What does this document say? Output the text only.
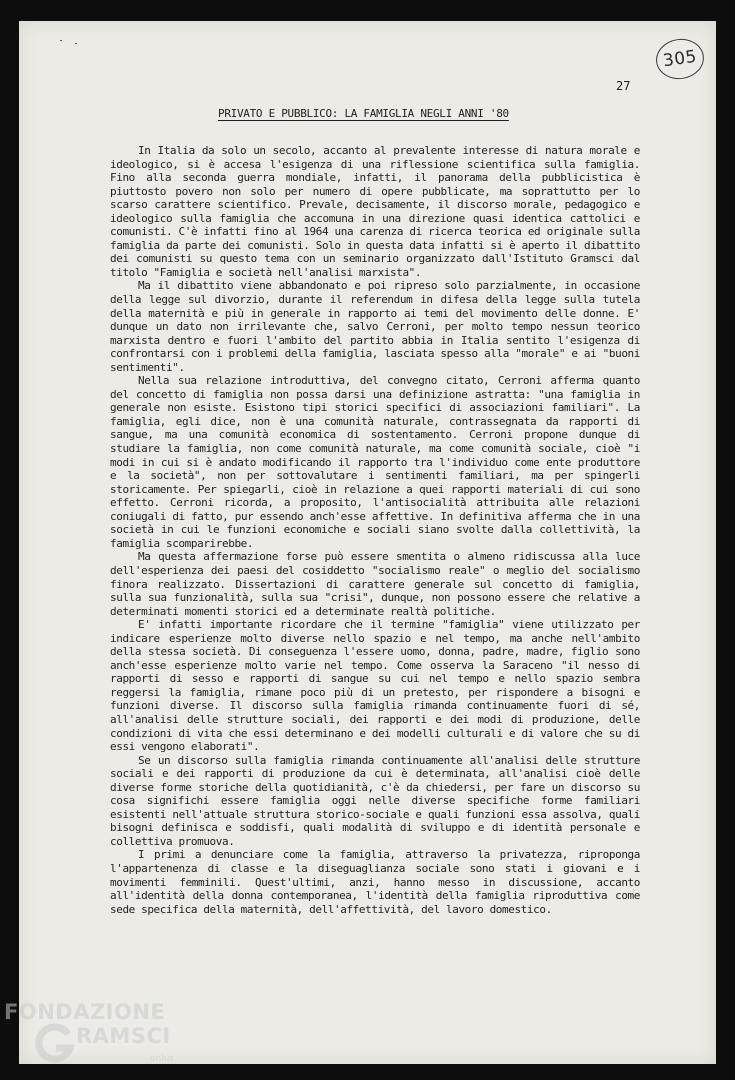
305
27
PRIVATO E PUBBLICO: LA FAMIGLIA NEGLI ANNI '80

In Italia da solo un secolo, accanto al prevalente interesse di natura morale e ideologico, si è accesa l'esigenza di una riflessione scientifica sulla famiglia. Fino alla seconda guerra mondiale, infatti, il panorama della pubblicistica è piuttosto povero non solo per numero di opere pubblicate, ma soprattutto per lo scarso carattere scientifico. Prevale, decisamente, il discorso morale, pedagogico e ideologico sulla famiglia che accomuna in una direzione quasi identica cattolici e comunisti. C'è infatti fino al 1964 una carenza di ricerca teorica ed originale sulla famiglia da parte dei comunisti. Solo in questa data infatti si è aperto il dibattito dei comunisti su questo tema con un seminario organizzato dall'Istituto Gramsci dal titolo "Famiglia e società nell'analisi marxista".

Ma il dibattito viene abbandonato e poi ripreso solo parzialmente, in occasione della legge sul divorzio, durante il referendum in difesa della legge sulla tutela della maternità e più in generale in rapporto ai temi del movimento delle donne. E' dunque un dato non irrilevante che, salvo Cerroni, per molto tempo nessun teorico marxista dentro e fuori l'ambito del partito abbia in Italia sentito l'esigenza di confrontarsi con i problemi della famiglia, lasciata spesso alla "morale" e ai "buoni sentimenti".

Nella sua relazione introduttiva, del convegno citato, Cerroni afferma quanto del concetto di famiglia non possa darsi una definizione astratta: "una famiglia in generale non esiste. Esistono tipi storici specifici di associazioni familiari". La famiglia, egli dice, non è una comunità naturale, contrassegnata da rapporti di sangue, ma una comunità economica di sostentamento. Cerroni propone dunque di studiare la famiglia, non come comunità naturale, ma come comunità sociale, cioè "i modi in cui si è andato modificando il rapporto tra l'individuo come ente produttore e la società", non per sottovalutare i sentimenti familiari, ma per spingerli storicamente. Per spiegarli, cioè in relazione a quei rapporti materiali di cui sono effetto. Cerroni ricorda, a proposito, l'antisocialità attribuita alle relazioni coniugali di fatto, pur essendo anch'esse affettive. In definitiva afferma che in una società in cui le funzioni economiche e sociali siano svolte dalla collettività, la famiglia scomparirebbe.

Ma questa affermazione forse può essere smentita o almeno ridiscussa alla luce dell'esperienza dei paesi del cosiddetto "socialismo reale" o meglio del socialismo finora realizzato. Dissertazioni di carattere generale sul concetto di famiglia, sulla sua funzionalità, sulla sua "crisi", dunque, non possono essere che relative a determinati momenti storici ed a determinate realtà politiche.

E' infatti importante ricordare che il termine "famiglia" viene utilizzato per indicare esperienze molto diverse nello spazio e nel tempo, ma anche nell'ambito della stessa società. Di conseguenza l'essere uomo, donna, padre, madre, figlio sono anch'esse esperienze molto varie nel tempo. Come osserva la Saraceno "il nesso di rapporti di sesso e rapporti di sangue su cui nel tempo e nello spazio sembra reggersi la famiglia, rimane poco più di un pretesto, per rispondere a bisogni e funzioni diverse. Il discorso sulla famiglia rimanda continuamente fuori di sé, all'analisi delle strutture sociali, dei rapporti e dei modi di produzione, delle condizioni di vita che essi determinano e dei modelli culturali e di valore che su di essi vengono elaborati".

Se un discorso sulla famiglia rimanda continuamente all'analisi delle strutture sociali e dei rapporti di produzione da cui è determinata, all'analisi cioè delle diverse forme storiche della quotidianità, c'è da chiedersi, per fare un discorso su cosa significhi essere famiglia oggi nelle diverse specifiche forme familiari esistenti nell'attuale struttura storico-sociale e quali funzioni essa assolva, quali bisogni definisca e soddisfi, quali modalità di sviluppo e di identità personale e collettiva promuova.

I primi a denunciare come la famiglia, attraverso la privatezza, riproponga l'appartenenza di classe e la diseguaglianza sociale sono stati i giovani e i movimenti femminili. Quest'ultimi, anzi, hanno messo in discussione, accanto all'identità della donna contemporanea, l'identità della famiglia riproduttiva come sede specifica della maternità, dell'affettività, del lavoro domestico.

FONDAZIONE
RAMSCI
onlus
